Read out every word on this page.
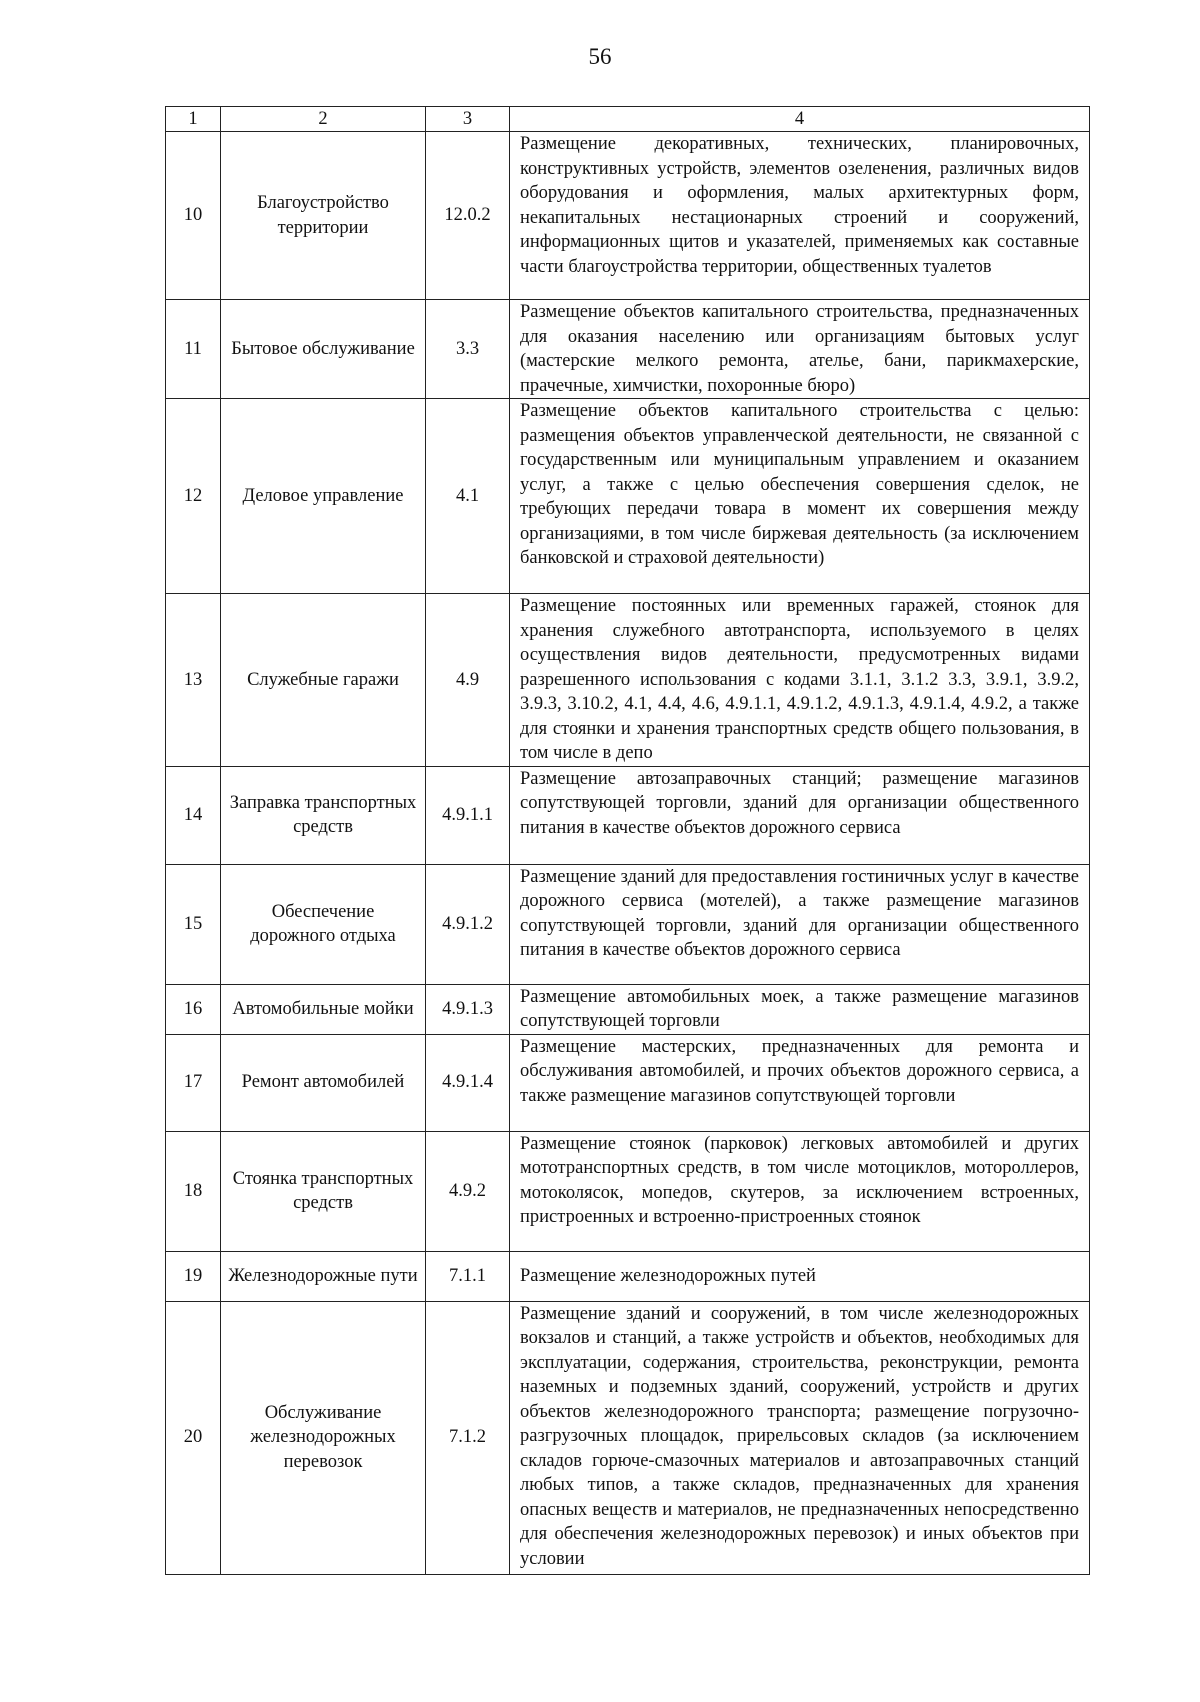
56
1	2	3	4
10	Благоустройство территории	12.0.2	Размещение декоративных, технических, планировочных, конструктивных устройств, элементов озеленения, различных видов оборудования и оформления, малых архитектурных форм, некапитальных нестационарных строений и сооружений, информационных щитов и указателей, применяемых как составные части благоустройства территории, общественных туалетов
11	Бытовое обслуживание	3.3	Размещение объектов капитального строительства, предназначенных для оказания населению или организациям бытовых услуг (мастерские мелкого ремонта, ателье, бани, парикмахерские, прачечные, химчистки, похоронные бюро)
12	Деловое управление	4.1	Размещение объектов капитального строительства с целью: размещения объектов управленческой деятельности, не связанной с государственным или муниципальным управлением и оказанием услуг, а также с целью обеспечения совершения сделок, не требующих передачи товара в момент их совершения между организациями, в том числе биржевая деятельность (за исключением банковской и страховой деятельности)
13	Служебные гаражи	4.9	Размещение постоянных или временных гаражей, стоянок для хранения служебного автотранспорта, используемого в целях осуществления видов деятельности, предусмотренных видами разрешенного использования с кодами 3.1.1, 3.1.2 3.3, 3.9.1, 3.9.2, 3.9.3, 3.10.2, 4.1, 4.4, 4.6, 4.9.1.1, 4.9.1.2, 4.9.1.3, 4.9.1.4, 4.9.2, а также для стоянки и хранения транспортных средств общего пользования, в том числе в депо
14	Заправка транспортных средств	4.9.1.1	Размещение автозаправочных станций; размещение магазинов сопутствующей торговли, зданий для организации общественного питания в качестве объектов дорожного сервиса
15	Обеспечение дорожного отдыха	4.9.1.2	Размещение зданий для предоставления гостиничных услуг в качестве дорожного сервиса (мотелей), а также размещение магазинов сопутствующей торговли, зданий для организации общественного питания в качестве объектов дорожного сервиса
16	Автомобильные мойки	4.9.1.3	Размещение автомобильных моек, а также размещение магазинов сопутствующей торговли
17	Ремонт автомобилей	4.9.1.4	Размещение мастерских, предназначенных для ремонта и обслуживания автомобилей, и прочих объектов дорожного сервиса, а также размещение магазинов сопутствующей торговли
18	Стоянка транспортных средств	4.9.2	Размещение стоянок (парковок) легковых автомобилей и других мототранспортных средств, в том числе мотоциклов, мотороллеров, мотоколясок, мопедов, скутеров, за исключением встроенных, пристроенных и встроенно-пристроенных стоянок
19	Железнодорожные пути	7.1.1	Размещение железнодорожных путей
20	Обслуживание железнодорожных перевозок	7.1.2	Размещение зданий и сооружений, в том числе железнодорожных вокзалов и станций, а также устройств и объектов, необходимых для эксплуатации, содержания, строительства, реконструкции, ремонта наземных и подземных зданий, сооружений, устройств и других объектов железнодорожного транспорта; размещение погрузочно-разгрузочных площадок, прирельсовых складов (за исключением складов горюче-смазочных материалов и автозаправочных станций любых типов, а также складов, предназначенных для хранения опасных веществ и материалов, не предназначенных непосредственно для обеспечения железнодорожных перевозок) и иных объектов при условии
